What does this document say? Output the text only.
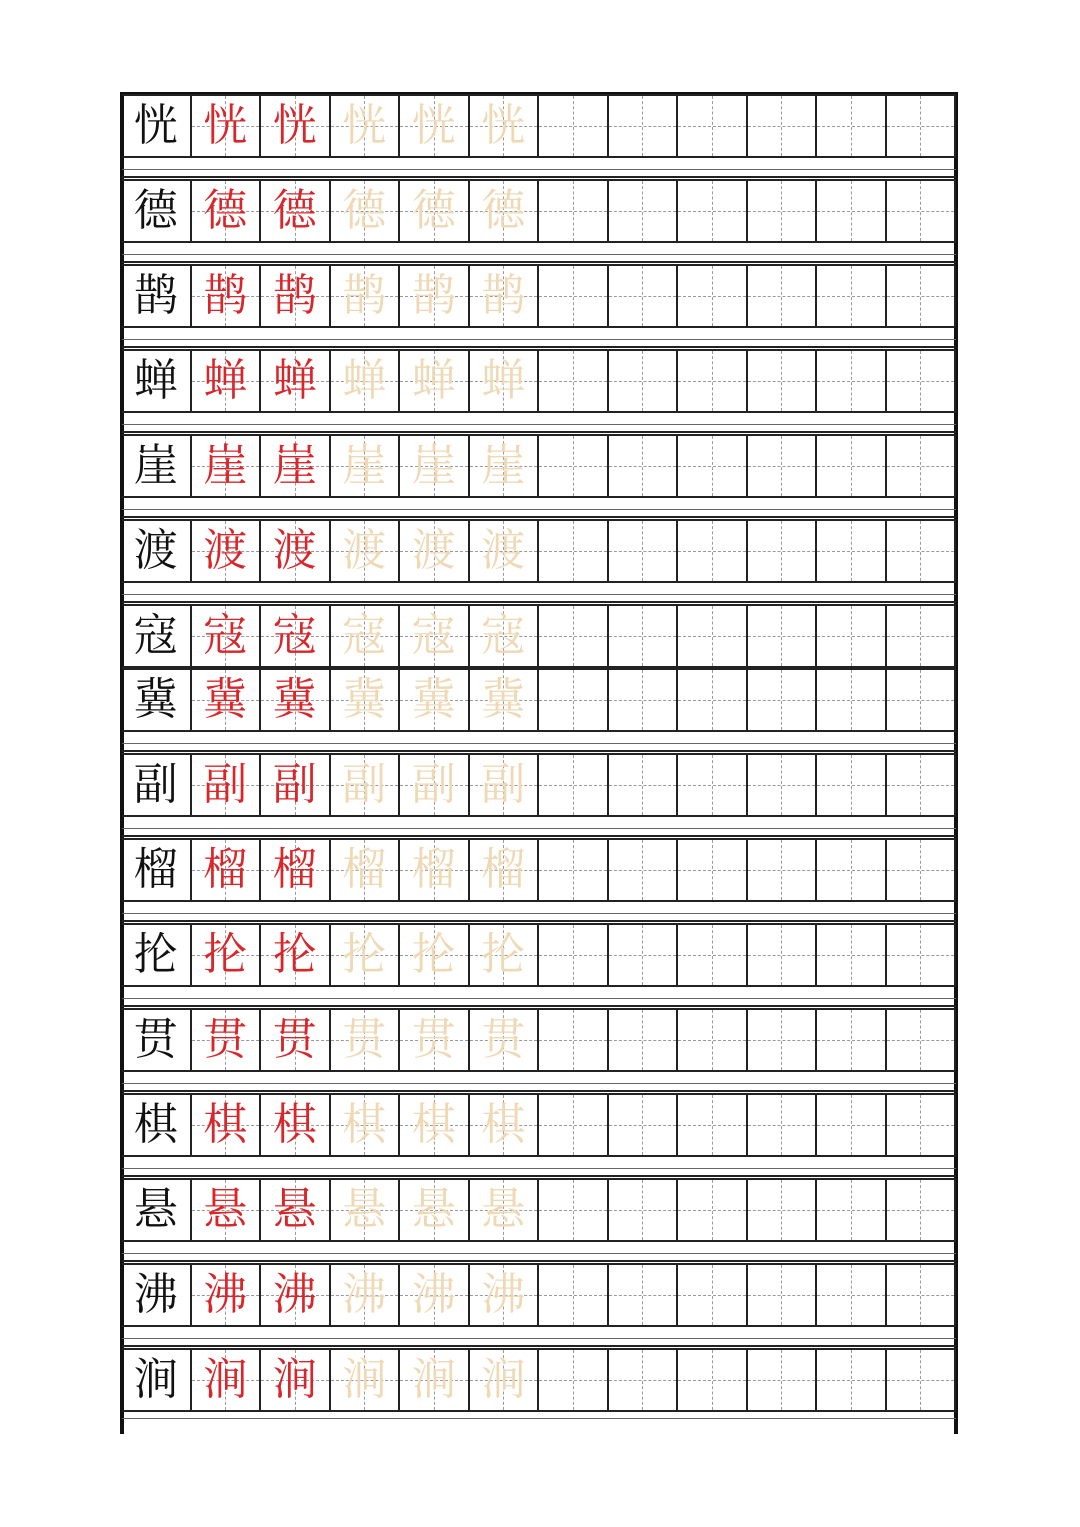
恍 恍 恍 恍 恍 恍
德 德 德 德 德 德
鹊 鹊 鹊 鹊 鹊 鹊
蝉 蝉 蝉 蝉 蝉 蝉
崖 崖 崖 崖 崖 崖
渡 渡 渡 渡 渡 渡
寇 寇 寇 寇 寇 寇
冀 冀 冀 冀 冀 冀
副 副 副 副 副 副
榴 榴 榴 榴 榴 榴
抡 抡 抡 抡 抡 抡
贯 贯 贯 贯 贯 贯
棋 棋 棋 棋 棋 棋
悬 悬 悬 悬 悬 悬
沸 沸 沸 沸 沸 沸
涧 涧 涧 涧 涧 涧
